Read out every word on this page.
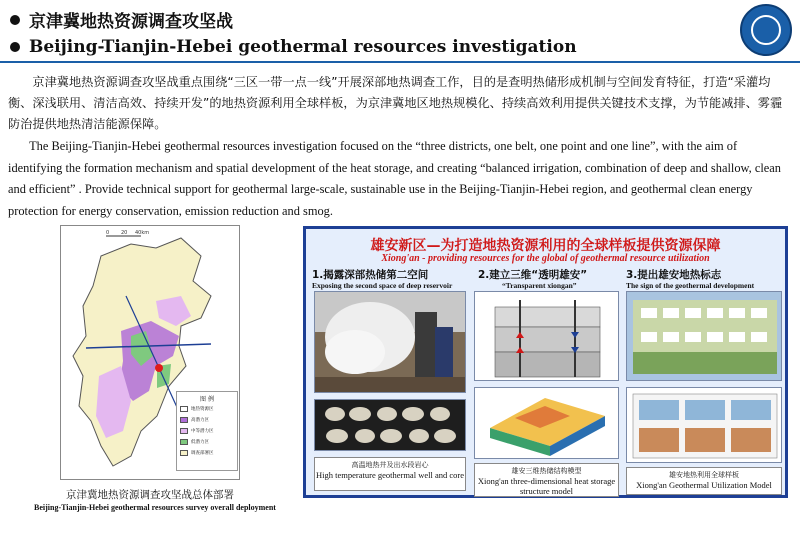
京津冀地热资源调查攻坚战
Beijing-Tianjin-Hebei geothermal resources investigation
京津冀地热资源调查攻坚战重点围绕“三区一带一点一线”开展深部地热调查工作，目的是查明热储形成机制与空间发育特征，打造“采灌均衡、深浅联用、清洁高效、持续开发”的地热资源利用全球样板，为京津冀地区地热规模化、持续高效利用提供关键技术支撑，为节能减排、雾霾防治提供地热清洁能源保障。
The Beijing-Tianjin-Hebei geothermal resources investigation focused on the “three districts, one belt, one point and one line”, with the aim of identifying the formation mechanism and spatial development of the heat storage, and creating “balanced irrigation, combination of deep and shallow, clean and efficient” . Provide technical support for geothermal large-scale, sustainable use in the Beijing-Tianjin-Hebei region, and geothermal clean energy protection for energy conservation, emission reduction and smog.
0 20 40km
图 例
地热资源区
高潜力区
中等潜力区
低潜力区
调查部署区
京津冀地热资源调查攻坚战总体部署
Beijing-Tianjin-Hebei geothermal resources survey overall deployment
雄安新区—为打造地热资源利用的全球样板提供资源保障
Xiong'an - providing resources for the global of geothermal resource utilization
1.揭露深部热储第二空间
Exposing the second space of deep reservoir
2.建立三维“透明雄安”
“Transparent xiongan”
3.提出雄安地热标志
The sign of the geothermal development
高温地热井及出水段岩心
High temperature geothermal well and core	雄安三维热储结构模型
Xiong'an three-dimensional heat storage structure model
雄安地热利用全球样板
Xiong'an Geothermal Utilization Model
